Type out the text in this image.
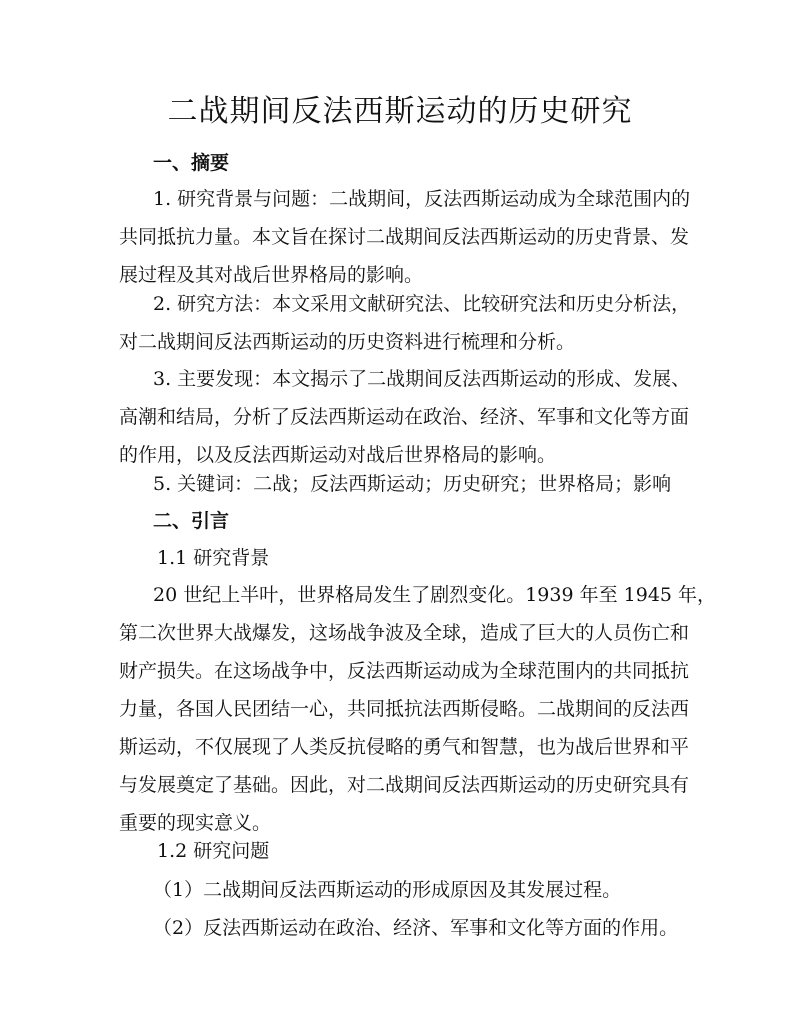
二战期间反法西斯运动的历史研究
一、摘要
1. 研究背景与问题：二战期间，反法西斯运动成为全球范围内的
共同抵抗力量。本文旨在探讨二战期间反法西斯运动的历史背景、发
展过程及其对战后世界格局的影响。
2. 研究方法：本文采用文献研究法、比较研究法和历史分析法，
对二战期间反法西斯运动的历史资料进行梳理和分析。
3. 主要发现：本文揭示了二战期间反法西斯运动的形成、发展、
高潮和结局，分析了反法西斯运动在政治、经济、军事和文化等方面
的作用，以及反法西斯运动对战后世界格局的影响。
5. 关键词：二战；反法西斯运动；历史研究；世界格局；影响
二、引言
1.1 研究背景
20 世纪上半叶，世界格局发生了剧烈变化。1939 年至 1945 年，
第二次世界大战爆发，这场战争波及全球，造成了巨大的人员伤亡和
财产损失。在这场战争中，反法西斯运动成为全球范围内的共同抵抗
力量，各国人民团结一心，共同抵抗法西斯侵略。二战期间的反法西
斯运动，不仅展现了人类反抗侵略的勇气和智慧，也为战后世界和平
与发展奠定了基础。因此，对二战期间反法西斯运动的历史研究具有
重要的现实意义。
1.2 研究问题
（1）二战期间反法西斯运动的形成原因及其发展过程。
（2）反法西斯运动在政治、经济、军事和文化等方面的作用。
